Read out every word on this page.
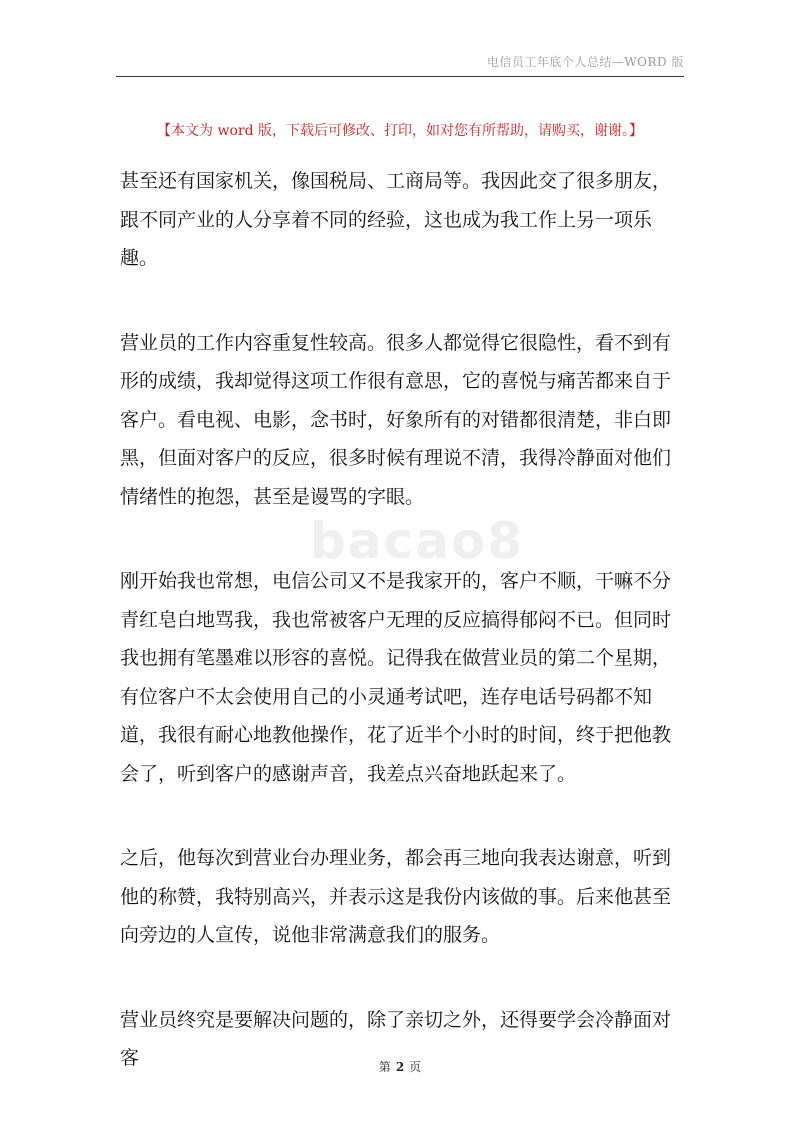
电信员工年底个人总结—WORD 版
【本文为 word 版，下载后可修改、打印，如对您有所帮助，请购买，谢谢。】
bacao8

甚至还有国家机关，像国税局、工商局等。我因此交了很多朋友，跟不同产业的人分享着不同的经验，这也成为我工作上另一项乐趣。

营业员的工作内容重复性较高。很多人都觉得它很隐性，看不到有形的成绩，我却觉得这项工作很有意思，它的喜悦与痛苦都来自于客户。看电视、电影，念书时，好象所有的对错都很清楚，非白即黑，但面对客户的反应，很多时候有理说不清，我得冷静面对他们情绪性的抱怨，甚至是谩骂的字眼。

刚开始我也常想，电信公司又不是我家开的，客户不顺，干嘛不分青红皂白地骂我，我也常被客户无理的反应搞得郁闷不已。但同时我也拥有笔墨难以形容的喜悦。记得我在做营业员的第二个星期，有位客户不太会使用自己的小灵通考试吧，连存电话号码都不知道，我很有耐心地教他操作，花了近半个小时的时间，终于把他教会了，听到客户的感谢声音，我差点兴奋地跃起来了。

之后，他每次到营业台办理业务，都会再三地向我表达谢意，听到他的称赞，我特别高兴，并表示这是我份内该做的事。后来他甚至向旁边的人宣传，说他非常满意我们的服务。

营业员终究是要解决问题的，除了亲切之外，还得要学会冷静面对客	第 2 页
